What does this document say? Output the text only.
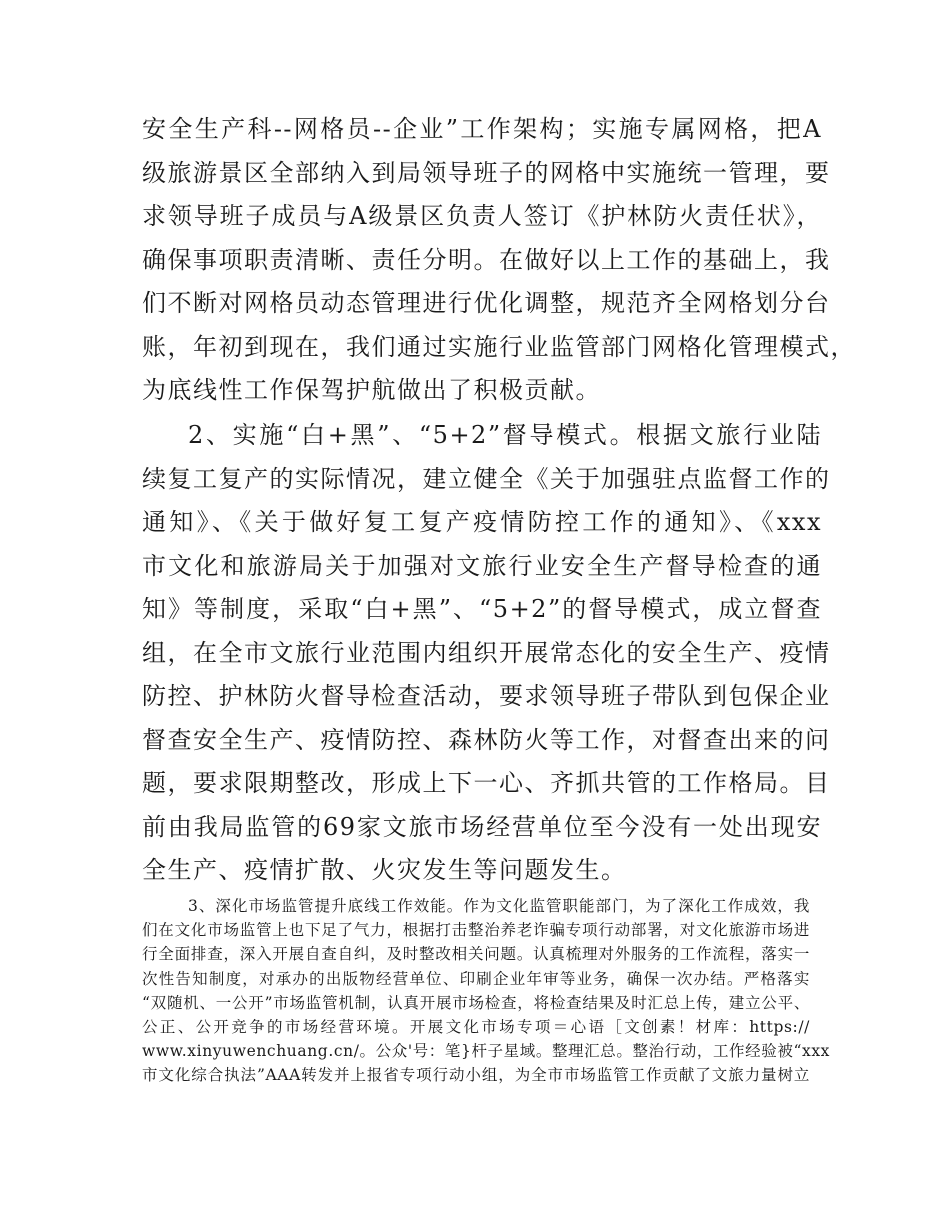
安全生产科--网格员--企业”工作架构；实施专属网格，把A
级旅游景区全部纳入到局领导班子的网格中实施统一管理，要
求领导班子成员与A级景区负责人签订《护林防火责任状》，
确保事项职责清晰、责任分明。在做好以上工作的基础上，我
们不断对网格员动态管理进行优化调整，规范齐全网格划分台
账，年初到现在，我们通过实施行业监管部门网格化管理模式，
为底线性工作保驾护航做出了积极贡献。
2、实施“白+黑”、“5+2”督导模式。根据文旅行业陆
续复工复产的实际情况，建立健全《关于加强驻点监督工作的
通知》、《关于做好复工复产疫情防控工作的通知》、《xxx
市文化和旅游局关于加强对文旅行业安全生产督导检查的通
知》等制度，采取“白+黑”、“5+2”的督导模式，成立督查
组，在全市文旅行业范围内组织开展常态化的安全生产、疫情
防控、护林防火督导检查活动，要求领导班子带队到包保企业
督查安全生产、疫情防控、森林防火等工作，对督查出来的问
题，要求限期整改，形成上下一心、齐抓共管的工作格局。目
前由我局监管的69家文旅市场经营单位至今没有一处出现安
全生产、疫情扩散、火灾发生等问题发生。
3、深化市场监管提升底线工作效能。作为文化监管职能部门，为了深化工作成效，我
们在文化市场监管上也下足了气力，根据打击整治养老诈骗专项行动部署，对文化旅游市场进
行全面排查，深入开展自查自纠，及时整改相关问题。认真梳理对外服务的工作流程，落实一
次性告知制度，对承办的出版物经营单位、印刷企业年审等业务，确保一次办结。严格落实
“双随机、一公开”市场监管机制，认真开展市场检查，将检查结果及时汇总上传，建立公平、
公正、公开竞争的市场经营环境。开展文化市场专项＝心语［文创素！材库：https://
www.xinyuwenchuang.cn/。公众'号：笔}杆子星域。整理汇总。整治行动，工作经验被“xxx
市文化综合执法”AAA转发并上报省专项行动小组，为全市市场监管工作贡献了文旅力量树立
